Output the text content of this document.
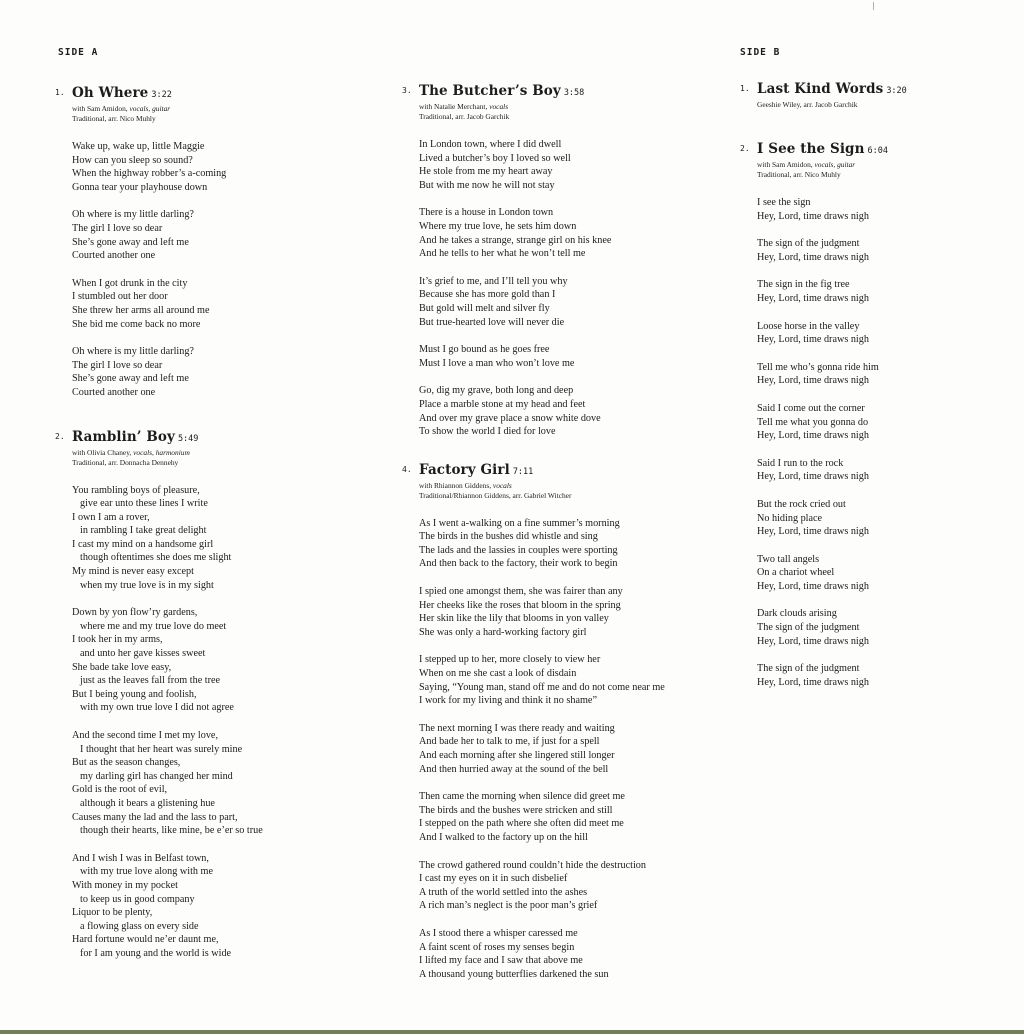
SIDE A	SIDE B
1. Oh Where 3:22
with Sam Amidon, vocals, guitar
Traditional, arr. Nico Muhly
Wake up, wake up, little Maggie
How can you sleep so sound?
When the highway robber’s a-coming
Gonna tear your playhouse down
Oh where is my little darling?
The girl I love so dear
She’s gone away and left me
Courted another one
When I got drunk in the city
I stumbled out her door
She threw her arms all around me
She bid me come back no more
Oh where is my little darling?
The girl I love so dear
She’s gone away and left me
Courted another one
2. Ramblin’ Boy 5:49
with Olivia Chaney, vocals, harmonium
Traditional, arr. Donnacha Dennehy
You rambling boys of pleasure,
give ear unto these lines I write
I own I am a rover,
in rambling I take great delight
I cast my mind on a handsome girl
though oftentimes she does me slight
My mind is never easy except
when my true love is in my sight
Down by yon flow’ry gardens,
where me and my true love do meet
I took her in my arms,
and unto her gave kisses sweet
She bade take love easy,
just as the leaves fall from the tree
But I being young and foolish,
with my own true love I did not agree
And the second time I met my love,
I thought that her heart was surely mine
But as the season changes,
my darling girl has changed her mind
Gold is the root of evil,
although it bears a glistening hue
Causes many the lad and the lass to part,
though their hearts, like mine, be e’er so true
And I wish I was in Belfast town,
with my true love along with me
With money in my pocket
to keep us in good company
Liquor to be plenty,
a flowing glass on every side
Hard fortune would ne’er daunt me,
for I am young and the world is wide
3. The Butcher’s Boy 3:58
with Natalie Merchant, vocals
Traditional, arr. Jacob Garchik
In London town, where I did dwell
Lived a butcher’s boy I loved so well
He stole from me my heart away
But with me now he will not stay
There is a house in London town
Where my true love, he sets him down
And he takes a strange, strange girl on his knee
And he tells to her what he won’t tell me
It’s grief to me, and I’ll tell you why
Because she has more gold than I
But gold will melt and silver fly
But true-hearted love will never die
Must I go bound as he goes free
Must I love a man who won’t love me
Go, dig my grave, both long and deep
Place a marble stone at my head and feet
And over my grave place a snow white dove
To show the world I died for love
4. Factory Girl 7:11
with Rhiannon Giddens, vocals
Traditional/Rhiannon Giddens, arr. Gabriel Witcher
As I went a-walking on a fine summer’s morning
The birds in the bushes did whistle and sing
The lads and the lassies in couples were sporting
And then back to the factory, their work to begin
I spied one amongst them, she was fairer than any
Her cheeks like the roses that bloom in the spring
Her skin like the lily that blooms in yon valley
She was only a hard-working factory girl
I stepped up to her, more closely to view her
When on me she cast a look of disdain
Saying, “Young man, stand off me and do not come near me
I work for my living and think it no shame”
The next morning I was there ready and waiting
And bade her to talk to me, if just for a spell
And each morning after she lingered still longer
And then hurried away at the sound of the bell
Then came the morning when silence did greet me
The birds and the bushes were stricken and still
I stepped on the path where she often did meet me
And I walked to the factory up on the hill
The crowd gathered round couldn’t hide the destruction
I cast my eyes on it in such disbelief
A truth of the world settled into the ashes
A rich man’s neglect is the poor man’s grief
As I stood there a whisper caressed me
A faint scent of roses my senses begin
I lifted my face and I saw that above me
A thousand young butterflies darkened the sun
1. Last Kind Words 3:20
Geeshie Wiley, arr. Jacob Garchik
2. I See the Sign 6:04
with Sam Amidon, vocals, guitar
Traditional, arr. Nico Muhly
I see the sign
Hey, Lord, time draws nigh
The sign of the judgment
Hey, Lord, time draws nigh
The sign in the fig tree
Hey, Lord, time draws nigh
Loose horse in the valley
Hey, Lord, time draws nigh
Tell me who’s gonna ride him
Hey, Lord, time draws nigh
Said I come out the corner
Tell me what you gonna do
Hey, Lord, time draws nigh
Said I run to the rock
Hey, Lord, time draws nigh
But the rock cried out
No hiding place
Hey, Lord, time draws nigh
Two tall angels
On a chariot wheel
Hey, Lord, time draws nigh
Dark clouds arising
The sign of the judgment
Hey, Lord, time draws nigh
The sign of the judgment
Hey, Lord, time draws nigh
